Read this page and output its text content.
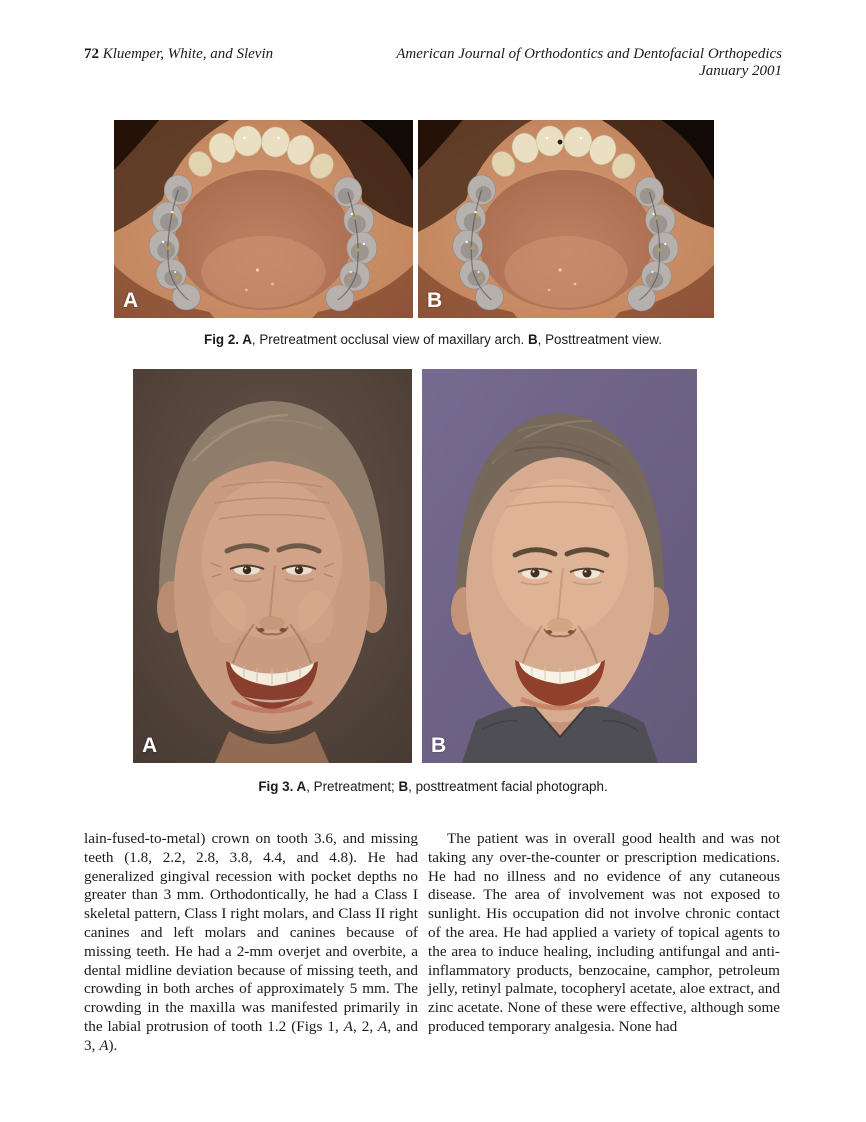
72 Kluemper, White, and Slevin	American Journal of Orthodontics and Dentofacial Orthopedics
January 2001
A	B
Fig 2. A, Pretreatment occlusal view of maxillary arch. B, Posttreatment view.
A	B
Fig 3. A, Pretreatment; B, posttreatment facial photograph.

lain-fused-to-metal) crown on tooth 3.6, and missing teeth (1.8, 2.2, 2.8, 3.8, 4.4, and 4.8). He had generalized gingival recession with pocket depths no greater than 3 mm. Orthodontically, he had a Class I skeletal pattern, Class I right molars, and Class II right canines and left molars and canines because of missing teeth. He had a 2-mm overjet and overbite, a dental midline deviation because of missing teeth, and crowding in both arches of approximately 5 mm. The crowding in the maxilla was manifested primarily in the labial protrusion of tooth 1.2 (Figs 1, A, 2, A, and 3, A).

The patient was in overall good health and was not taking any over-the-counter or prescription medications. He had no illness and no evidence of any cutaneous disease. The area of involvement was not exposed to sunlight. His occupation did not involve chronic contact of the area. He had applied a variety of topical agents to the area to induce healing, including antifungal and anti-inflammatory products, benzocaine, camphor, petroleum jelly, retinyl palmate, tocopheryl acetate, aloe extract, and zinc acetate. None of these were effective, although some produced temporary analgesia. None had
